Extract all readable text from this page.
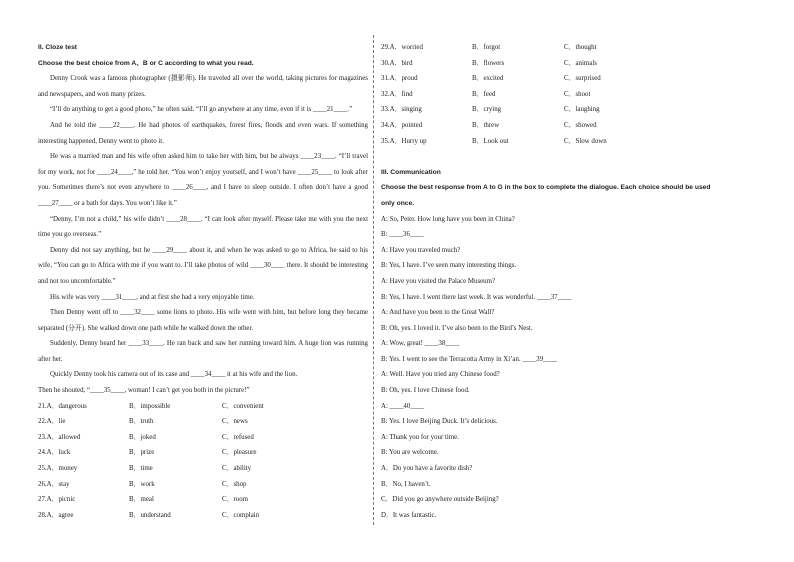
II. Cloze test
Choose the best choice from A、B or C according to what you read.
Denny Crook was a famous photographer (摄影师). He traveled all over the world, taking pictures for magazines and newspapers, and won many prizes.
“I’ll do anything to get a good photo,” he often said. “I’ll go anywhere at any time, even if it is ____21____.”
And he told the ____22____. He had photos of earthquakes, forest fires, floods and even wars. If something interesting happened, Denny went to photo it.
He was a married man and his wife often asked him to take her with him, but he always ____23____. “I’ll travel for my work, not for ____24____,” he told her. “You won’t enjoy yourself, and I won’t have ____25____ to look after you. Sometimes there’s not even anywhere to ____26____, and I have to sleep outside. I often don’t have a good ____27____ or a bath for days. You won’t like it.”
“Denny, I’m not a child,” his wife didn’t ____28____. “I can look after myself. Please take me with you the next time you go overseas.”
Denny did not say anything, but he ____29____ about it, and when he was asked to go to Africa, he said to his wife, “You can go to Africa with me if you want to. I’ll take photos of wild ____30____ there. It should be interesting and not too uncomfortable.”
His wife was very ____31____, and at first she had a very enjoyable time.
Then Denny went off to ____32____ some lions to photo. His wife went with him, but before long they became separated (分开). She walked down one path while he walked down the other.
Suddenly, Denny heard her ____33____. He ran back and saw her running toward him. A huge lion was running after her.
Quickly Denny took his camera out of its case and ____34____ it at his wife and the lion.
Then he shouted, “____35____, woman! I can’t get you both in the picture!”
21.A．dangerous	B．impossible	C．convenient
22.A．lie	B．truth	C．news
23.A．allowed	B．joked	C．refused
24.A．luck	B．prize	C．pleasure
25.A．money	B．time	C．ability
26.A．stay	B．work	C．shop
27.A．picnic	B．meal	C．room
28.A．agree	B．understand	C．complain
29.A．worried	B．forgot	C．thought
30.A．bird	B．flowers	C．animals
31.A．proud	B．excited	C．surprised
32.A．find	B．feed	C．shoot
33.A．singing	B．crying	C．laughing
34.A．pointed	B．threw	C．showed
35.A．Hurry up	B．Look out	C．Slow down
III. Communication
Choose the best response from A to G in the box to complete the dialogue. Each choice should be used only once.
A: So, Peter. How long have you been in China?
B: ____36____
A: Have you traveled much?
B: Yes, I have. I’ve seen many interesting things.
A: Have you visited the Palace Museum?
B: Yes, I have. I went there last week. It was wonderful. ____37____
A: And have you been to the Great Wall?
B: Oh, yes. I loved it. I’ve also been to the Bird’s Nest.
A: Wow, great! ____38____
B: Yes. I went to see the Terracotta Army in Xi’an. ____39____
A: Well. Have you tried any Chinese food?
B: Oh, yes. I love Chinese food.
A: ____40____
B: Yes. I love Beijing Duck. It’s delicious.
A: Thank you for your time.
B: You are welcome.
A．Do you have a favorite dish?
B．No, I haven’t.
C．Did you go anywhere outside Beijing?
D．It was fantastic.
